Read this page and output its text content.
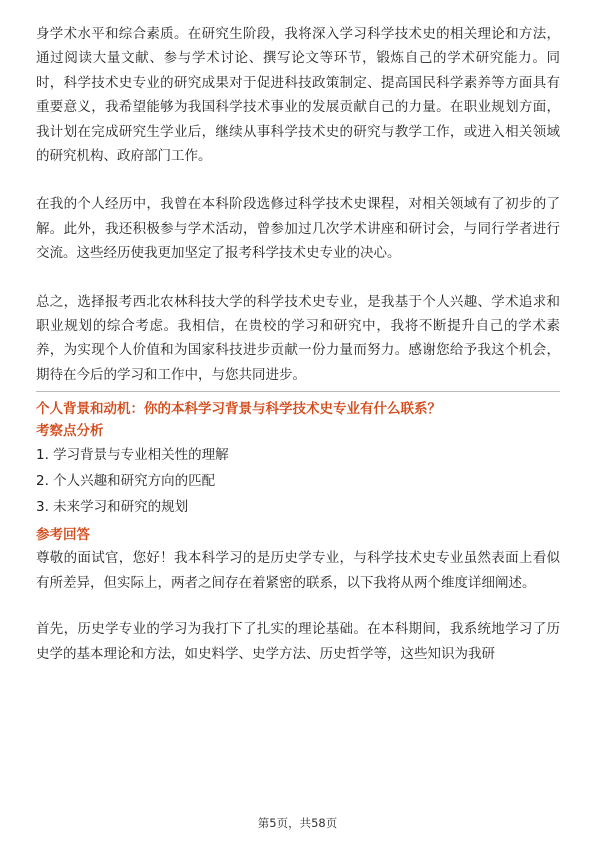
身学术水平和综合素质。在研究生阶段，我将深入学习科学技术史的相关理论和方法，通过阅读大量文献、参与学术讨论、撰写论文等环节，锻炼自己的学术研究能力。同时，科学技术史专业的研究成果对于促进科技政策制定、提高国民科学素养等方面具有重要意义，我希望能够为我国科学技术事业的发展贡献自己的力量。在职业规划方面，我计划在完成研究生学业后，继续从事科学技术史的研究与教学工作，或进入相关领域的研究机构、政府部门工作。

在我的个人经历中，我曾在本科阶段选修过科学技术史课程，对相关领域有了初步的了解。此外，我还积极参与学术活动，曾参加过几次学术讲座和研讨会，与同行学者进行交流。这些经历使我更加坚定了报考科学技术史专业的决心。

总之，选择报考西北农林科技大学的科学技术史专业，是我基于个人兴趣、学术追求和职业规划的综合考虑。我相信，在贵校的学习和研究中，我将不断提升自己的学术素养，为实现个人价值和为国家科技进步贡献一份力量而努力。感谢您给予我这个机会，期待在今后的学习和工作中，与您共同进步。

个人背景和动机：你的本科学习背景与科学技术史专业有什么联系？

考察点分析

1. 学习背景与专业相关性的理解
2. 个人兴趣和研究方向的匹配
3. 未来学习和研究的规划

参考回答

尊敬的面试官，您好！我本科学习的是历史学专业，与科学技术史专业虽然表面上看似有所差异，但实际上，两者之间存在着紧密的联系，以下我将从两个维度详细阐述。

首先，历史学专业的学习为我打下了扎实的理论基础。在本科期间，我系统地学习了历史学的基本理论和方法，如史料学、史学方法、历史哲学等，这些知识为我研

第5页，共58页
